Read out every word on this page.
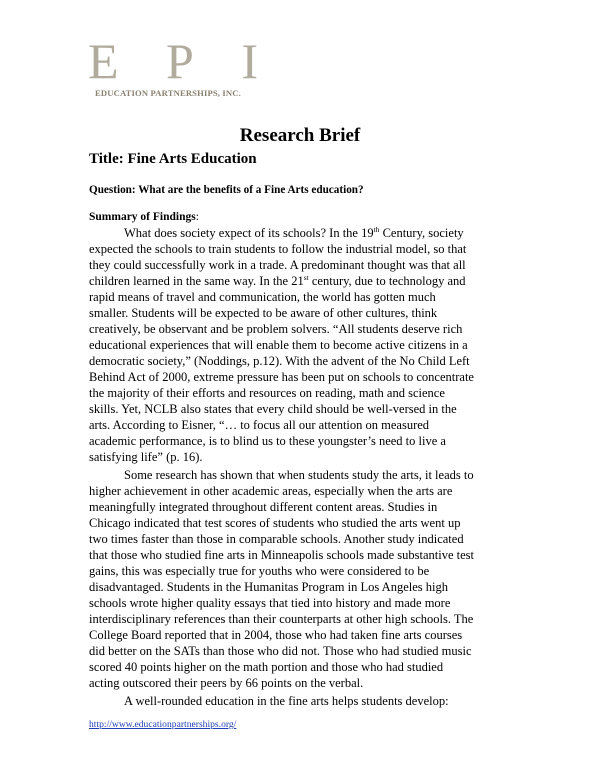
E P I
EDUCATION PARTNERSHIPS, INC.
Research Brief
Title: Fine Arts Education
Question: What are the benefits of a Fine Arts education?
Summary of Findings:
What does society expect of its schools? In the 19th Century, society
expected the schools to train students to follow the industrial model, so that
they could successfully work in a trade. A predominant thought was that all
children learned in the same way. In the 21st century, due to technology and
rapid means of travel and communication, the world has gotten much
smaller. Students will be expected to be aware of other cultures, think
creatively, be observant and be problem solvers. “All students deserve rich
educational experiences that will enable them to become active citizens in a
democratic society,” (Noddings, p.12). With the advent of the No Child Left
Behind Act of 2000, extreme pressure has been put on schools to concentrate
the majority of their efforts and resources on reading, math and science
skills. Yet, NCLB also states that every child should be well-versed in the
arts. According to Eisner, “… to focus all our attention on measured
academic performance, is to blind us to these youngster’s need to live a
satisfying life” (p. 16).
Some research has shown that when students study the arts, it leads to
higher achievement in other academic areas, especially when the arts are
meaningfully integrated throughout different content areas. Studies in
Chicago indicated that test scores of students who studied the arts went up
two times faster than those in comparable schools. Another study indicated
that those who studied fine arts in Minneapolis schools made substantive test
gains, this was especially true for youths who were considered to be
disadvantaged. Students in the Humanitas Program in Los Angeles high
schools wrote higher quality essays that tied into history and made more
interdisciplinary references than their counterparts at other high schools. The
College Board reported that in 2004, those who had taken fine arts courses
did better on the SATs than those who did not. Those who had studied music
scored 40 points higher on the math portion and those who had studied
acting outscored their peers by 66 points on the verbal.
A well-rounded education in the fine arts helps students develop:
http://www.educationpartnerships.org/
